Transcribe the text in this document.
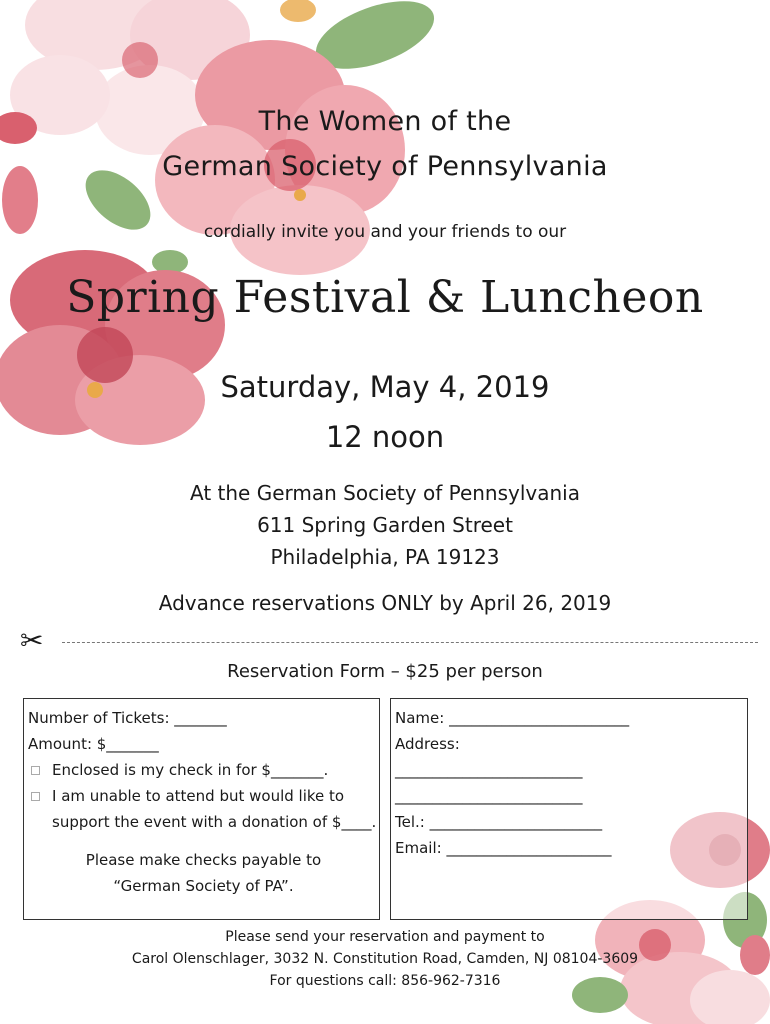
The Women of the
German Society of Pennsylvania
cordially invite you and your friends to our
Spring Festival & Luncheon
Saturday, May 4, 2019
12 noon
At the German Society of Pennsylvania
611 Spring Garden Street
Philadelphia, PA 19123
Advance reservations ONLY by April 26, 2019
✂
Reservation Form – $25 per person
Number of Tickets: _______
Amount: $_______
Enclosed is my check in for $_______.
I am unable to attend but would like to
support the event with a donation of $____.
Please make checks payable to
“German Society of PA”.
Name: ________________________
Address:
_________________________
_________________________
Tel.: _______________________
Email: ______________________
Please send your reservation and payment to
Carol Olenschlager, 3032 N. Constitution Road, Camden, NJ 08104-3609
For questions call: 856-962-7316
